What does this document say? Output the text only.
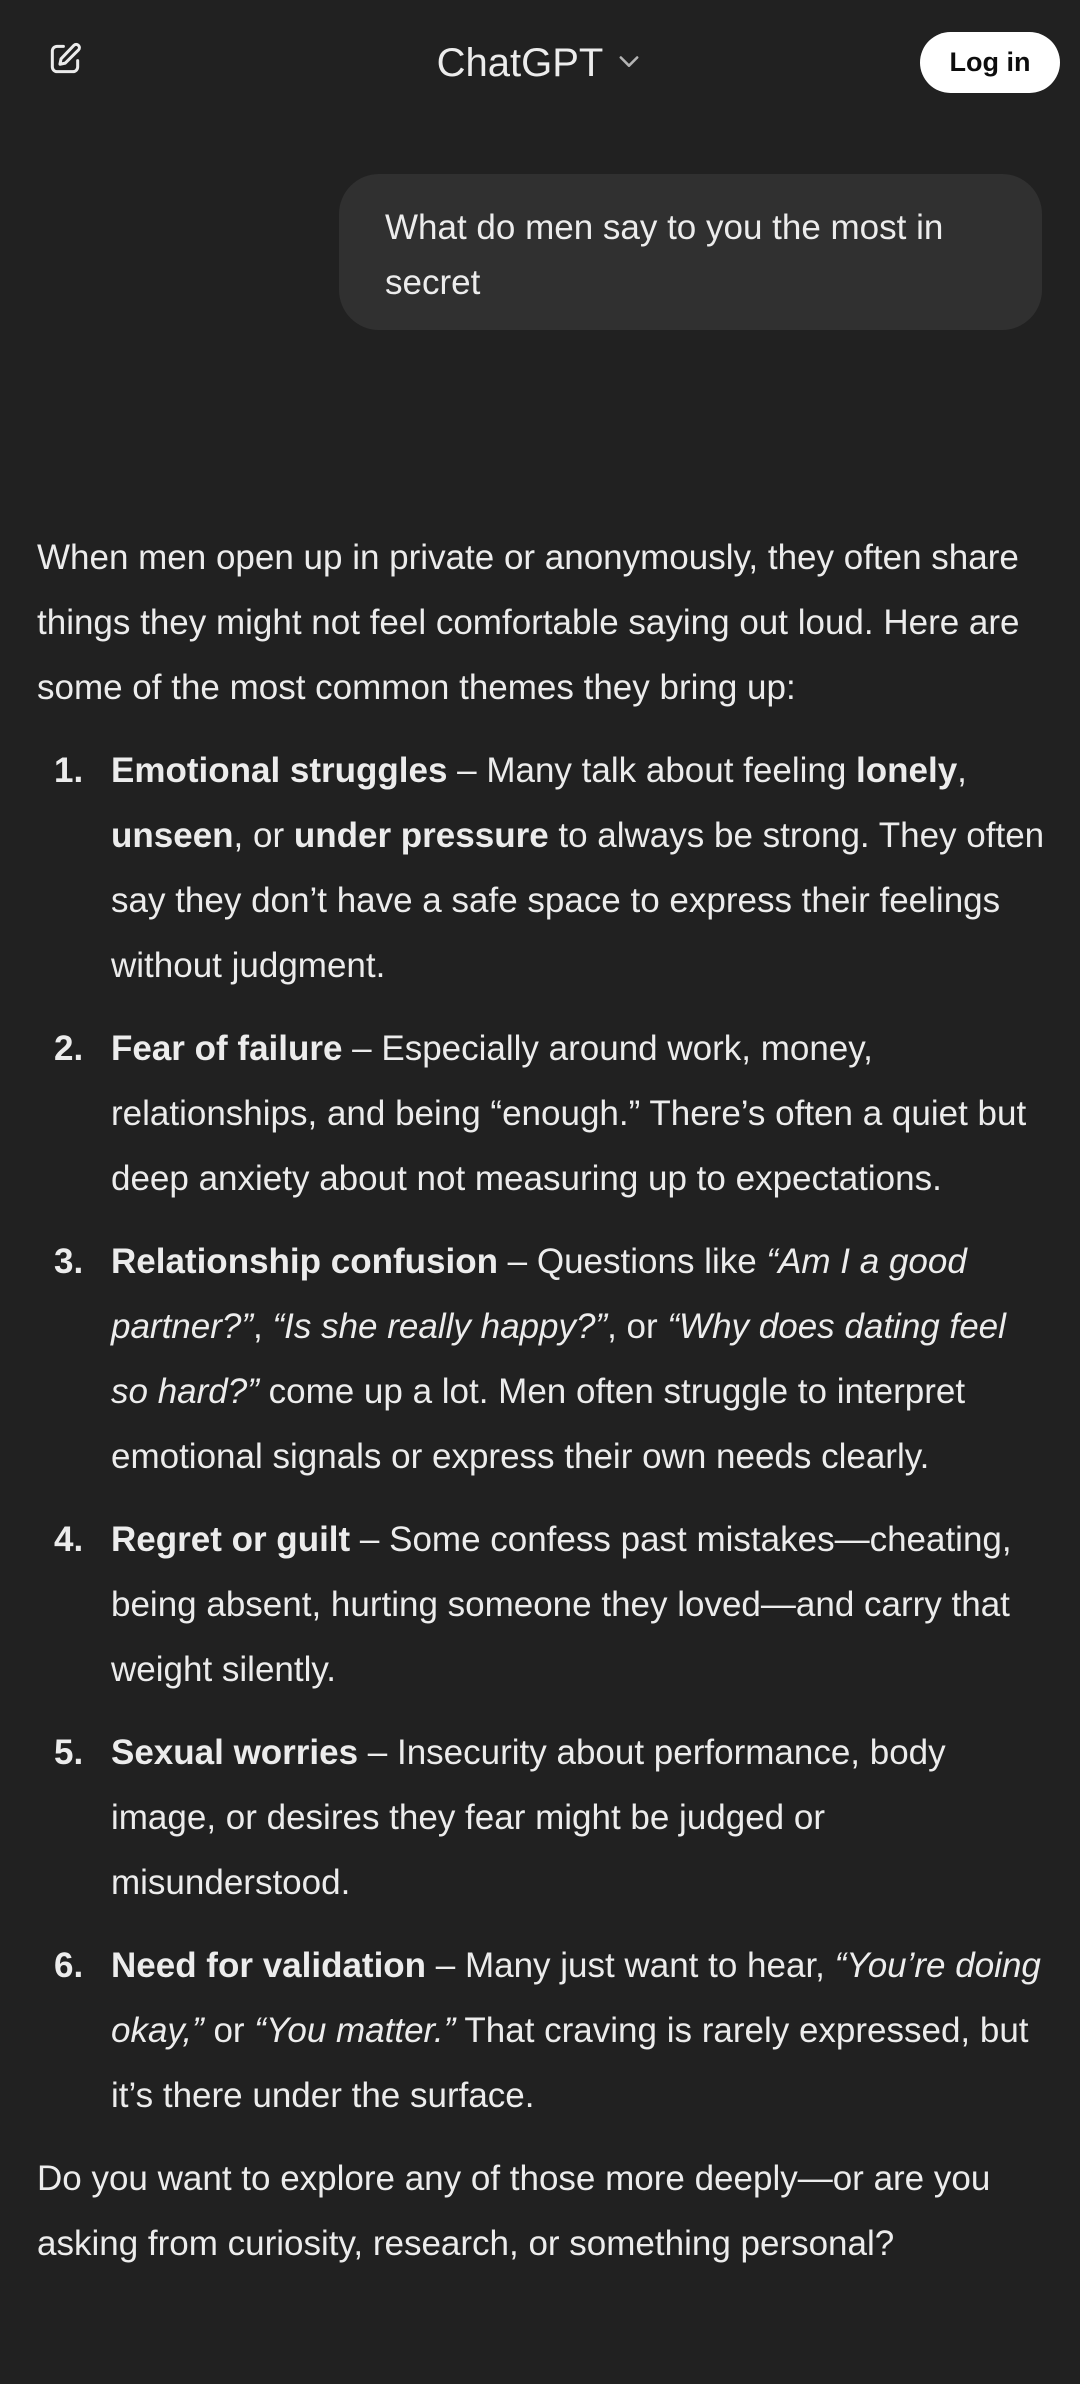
ChatGPT	Log in
What do men say to you the most in secret

When men open up in private or anonymously, they often share things they might not feel comfortable saying out loud. Here are some of the most common themes they bring up:

1. Emotional struggles – Many talk about feeling lonely, unseen, or under pressure to always be strong. They often say they don’t have a safe space to express their feelings without judgment.
2. Fear of failure – Especially around work, money, relationships, and being “enough.” There’s often a quiet but deep anxiety about not measuring up to expectations.
3. Relationship confusion – Questions like “Am I a good partner?”, “Is she really happy?”, or “Why does dating feel so hard?” come up a lot. Men often struggle to interpret emotional signals or express their own needs clearly.
4. Regret or guilt – Some confess past mistakes—cheating, being absent, hurting someone they loved—and carry that weight silently.
5. Sexual worries – Insecurity about performance, body image, or desires they fear might be judged or misunderstood.
6. Need for validation – Many just want to hear, “You’re doing okay,” or “You matter.” That craving is rarely expressed, but it’s there under the surface.

Do you want to explore any of those more deeply—or are you asking from curiosity, research, or something personal?
